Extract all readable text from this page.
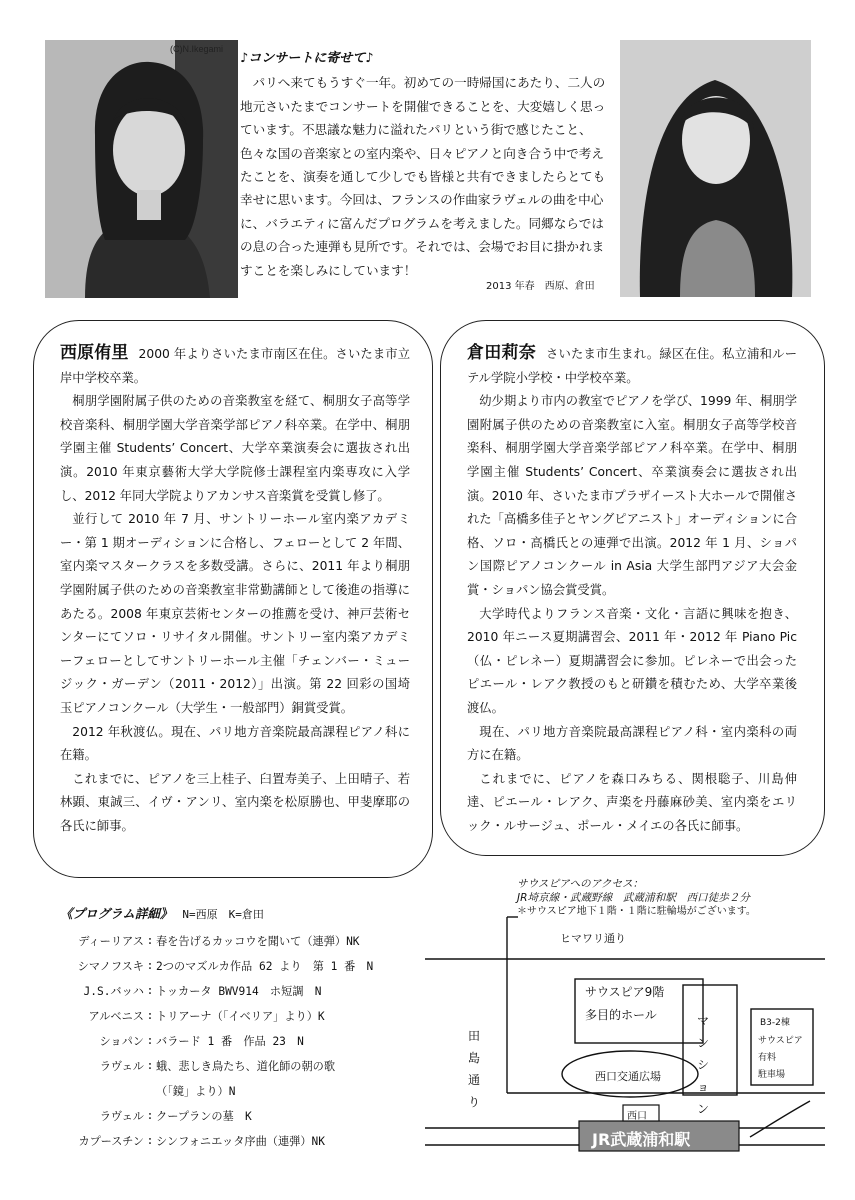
(C)N.Ikegami
♪コンサートに寄せて♪

パリへ来てもうすぐ一年。初めての一時帰国にあたり、二人の地元さいたまでコンサートを開催できることを、大変嬉しく思っています。不思議な魅力に溢れたパリという街で感じたこと、色々な国の音楽家との室内楽や、日々ピアノと向き合う中で考えたことを、演奏を通して少しでも皆様と共有できましたらとても幸せに思います。今回は、フランスの作曲家ラヴェルの曲を中心に、バラエティに富んだプログラムを考えました。同郷ならではの息の合った連弾も見所です。それでは、会場でお目に掛かれますことを楽しみにしています！

2013 年春　西原、倉田

西原侑里 2000 年よりさいたま市南区在住。さいたま市立岸中学校卒業。

桐朋学園附属子供のための音楽教室を経て、桐朋女子高等学校音楽科、桐朋学園大学音楽学部ピアノ科卒業。在学中、桐朋学園主催 Students’ Concert、大学卒業演奏会に選抜され出演。2010 年東京藝術大学大学院修士課程室内楽専攻に入学し、2012 年同大学院よりアカンサス音楽賞を受賞し修了。

並行して 2010 年 7 月、サントリーホール室内楽アカデミー・第 1 期オーディションに合格し、フェローとして 2 年間、室内楽マスタークラスを多数受講。さらに、2011 年より桐朋学園附属子供のための音楽教室非常勤講師として後進の指導にあたる。2008 年東京芸術センターの推薦を受け、神戸芸術センターにてソロ・リサイタル開催。サントリー室内楽アカデミーフェローとしてサントリーホール主催「チェンバー・ミュージック・ガーデン（2011・2012）」出演。第 22 回彩の国埼玉ピアノコンクール（大学生・一般部門）銅賞受賞。

2012 年秋渡仏。現在、パリ地方音楽院最高課程ピアノ科に在籍。

これまでに、ピアノを三上桂子、臼置寿美子、上田晴子、若林顕、東誠三、イヴ・アンリ、室内楽を松原勝也、甲斐摩耶の各氏に師事。

倉田莉奈 さいたま市生まれ。緑区在住。私立浦和ルーテル学院小学校・中学校卒業。

幼少期より市内の教室でピアノを学び、1999 年、桐朋学園附属子供のための音楽教室に入室。桐朋女子高等学校音楽科、桐朋学園大学音楽学部ピアノ科卒業。在学中、桐朋学園主催 Students’ Concert、卒業演奏会に選抜され出演。2010 年、さいたま市プラザイースト大ホールで開催された「高橋多佳子とヤングピアニスト」オーディションに合格、ソロ・高橋氏との連弾で出演。2012 年 1 月、ショパン国際ピアノコンクール in Asia 大学生部門アジア大会金賞・ショパン協会賞受賞。

大学時代よりフランス音楽・文化・言語に興味を抱き、2010 年ニース夏期講習会、2011 年・2012 年 Piano Pic（仏・ピレネー）夏期講習会に参加。ピレネーで出会ったピエール・レアク教授のもと研鑽を積むため、大学卒業後渡仏。

現在、パリ地方音楽院最高課程ピアノ科・室内楽科の両方に在籍。

これまでに、ピアノを森口みちる、関根聡子、川島伸達、ピエール・レアク、声楽を丹藤麻砂美、室内楽をエリック・ルサージュ、ポール・メイエの各氏に師事。

《プログラム詳細》 N=西原　K=倉田
ディーリアス : 春を告げるカッコウを聞いて（連弾）NK
シマノフスキ : 2つのマズルカ作品 62 より　第 1 番　N
J.S.バッハ : トッカータ BWV914　ホ短調　N
アルベニス : トリアーナ（「イベリア」より）K
ショパン : バラード 1 番　作品 23　N
ラヴェル : 蛾、悲しき鳥たち、道化師の朝の歌
（「鏡」より）N
ラヴェル : クープランの墓　K
カプースチン : シンフォニエッタ序曲（連弾）NK
サウスピアへのアクセス：
JR埼京線・武蔵野線　武蔵浦和駅　西口徒歩２分
＊サウスピア地下１階・１階に駐輪場がございます。
ヒマワリ通り
サウスピア9階
多目的ホール	マンション
B3-2棟
サウスピア
有料
駐車場
西口交通広場
田島通り
西口
JR武蔵浦和駅
